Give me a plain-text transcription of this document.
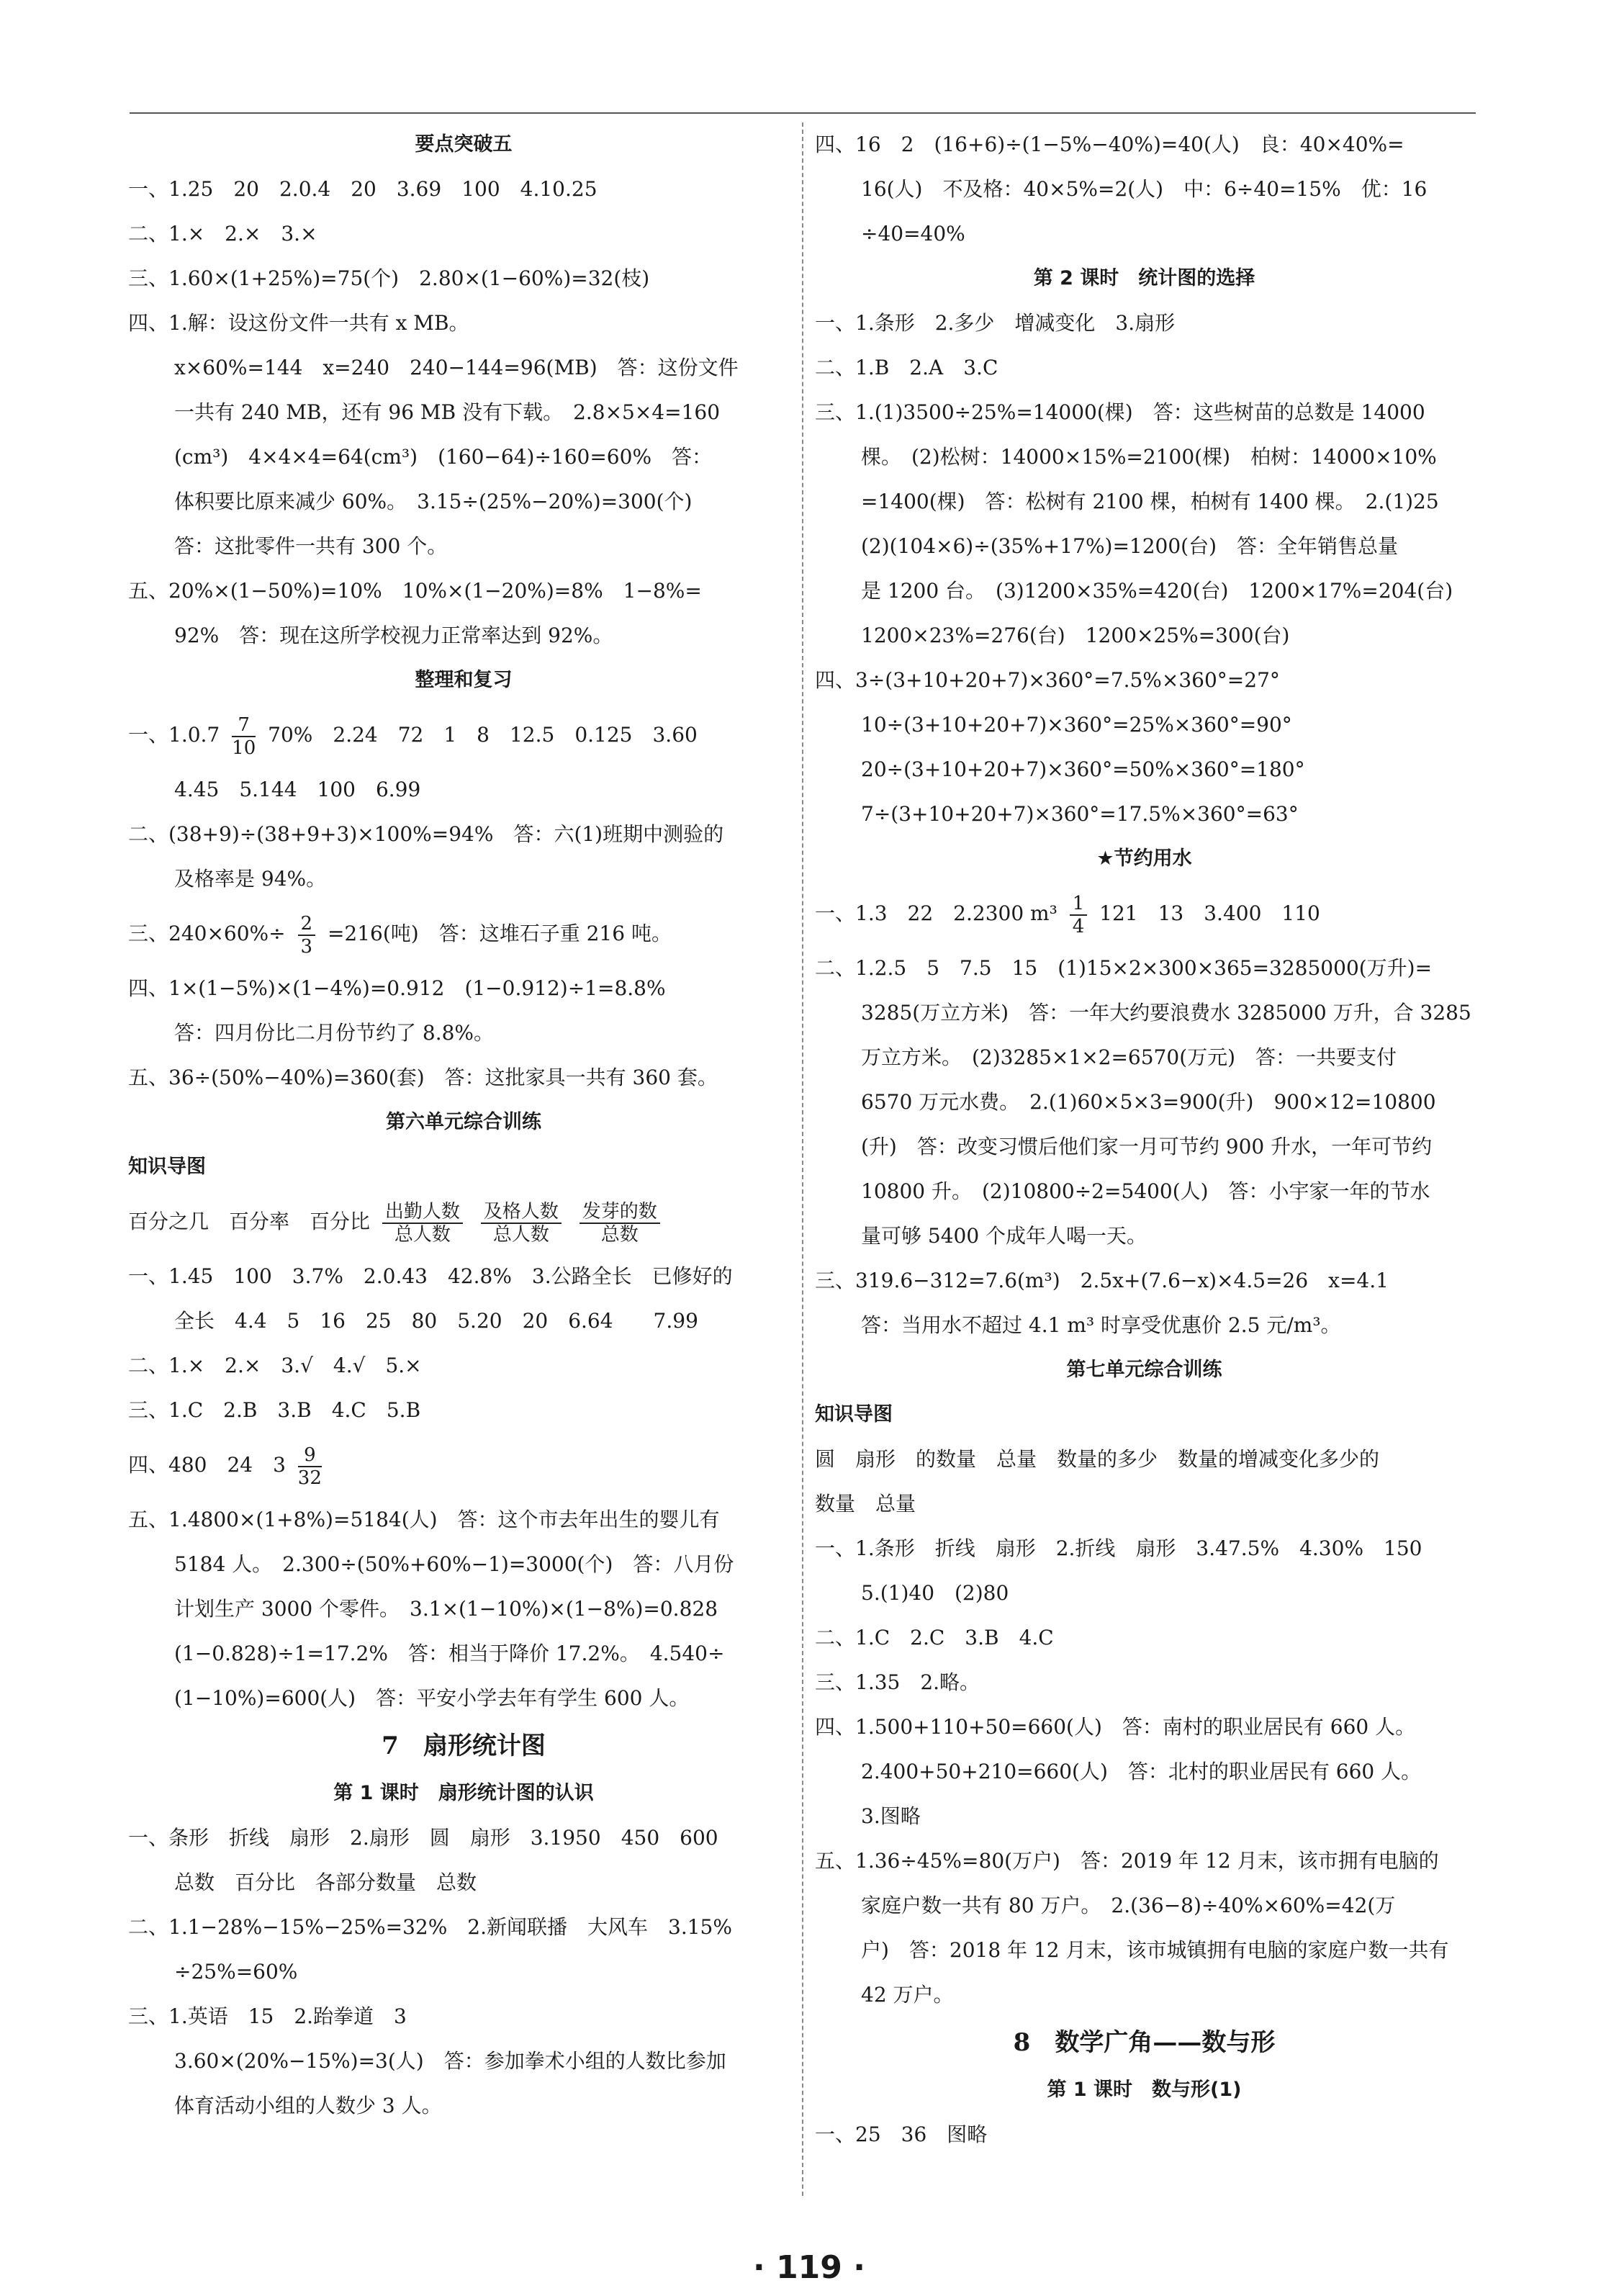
要点突破五
一、1.25　20　2.0.4　20　3.69　100　4.10.25
二、1.×　2.×　3.×
三、1.60×(1+25%)=75(个)　2.80×(1−60%)=32(枝)
四、1.解：设这份文件一共有 x MB。
x×60%=144　x=240　240−144=96(MB)　答：这份文件
一共有 240 MB，还有 96 MB 没有下载。　2.8×5×4=160
(cm³)　4×4×4=64(cm³)　(160−64)÷160=60%　答：
体积要比原来减少 60%。　3.15÷(25%−20%)=300(个)
答：这批零件一共有 300 个。
五、20%×(1−50%)=10%　10%×(1−20%)=8%　1−8%=
92%　答：现在这所学校视力正常率达到 92%。
整理和复习
一、$1.0.7 \frac{7}{10} 70\%$　2.24　72　1　8　12.5　0.125　3.60
4.45　5.144　100　6.99
二、(38+9)÷(38+9+3)×100%=94%　答：六(1)班期中测验的
及格率是 94%。
三、$240\times 60\%\div \frac{2}{3} =216$(吨)　答：这堆石子重 216 吨。
四、1×(1−5%)×(1−4%)=0.912　(1−0.912)÷1=8.8%
答：四月份比二月份节约了 8.8%。
五、36÷(50%−40%)=360(套)　答：这批家具一共有 360 套。
第六单元综合训练
知识导图
百分之几　百分率　百分比 $\frac{\text{出勤人数}}{\text{总人数}}$
$\frac{\text{及格人数}}{\text{总人数}}$
$\frac{\text{发芽的数}}{\text{总数}}$
一、1.45　100　3.7%　2.0.43　42.8%　3.公路全长　已修好的
全长　4.4　5　16　25　80　5.20　20　6.64　　7.99
二、1.×　2.×　3.√　4.√　5.×
三、1.C　2.B　3.B　4.C　5.B
四、480　24　$3 \frac{9}{32}$
五、1.4800×(1+8%)=5184(人)　答：这个市去年出生的婴儿有
5184 人。　2.300÷(50%+60%−1)=3000(个)　答：八月份
计划生产 3000 个零件。　3.1×(1−10%)×(1−8%)=0.828
(1−0.828)÷1=17.2%　答：相当于降价 17.2%。　4.540÷
(1−10%)=600(人)　答：平安小学去年有学生 600 人。
7　扇形统计图
第 1 课时　扇形统计图的认识
一、条形　折线　扇形　2.扇形　圆　扇形　3.1950　450　600
总数　百分比　各部分数量　总数
二、1.1−28%−15%−25%=32%　2.新闻联播　大风车　3.15%
÷25%=60%
三、1.英语　15　2.跆拳道　3
3.60×(20%−15%)=3(人)　答：参加拳术小组的人数比参加
体育活动小组的人数少 3 人。
四、16　2　(16+6)÷(1−5%−40%)=40(人)　良：40×40%=
16(人)　不及格：40×5%=2(人)　中：6÷40=15%　优：16
÷40=40%
第 2 课时　统计图的选择
一、1.条形　2.多少　增减变化　3.扇形
二、1.B　2.A　3.C
三、1.(1)3500÷25%=14000(棵)　答：这些树苗的总数是 14000
棵。　(2)松树：14000×15%=2100(棵)　柏树：14000×10%
=1400(棵)　答：松树有 2100 棵，柏树有 1400 棵。　2.(1)25
(2)(104×6)÷(35%+17%)=1200(台)　答：全年销售总量
是 1200 台。　(3)1200×35%=420(台)　1200×17%=204(台)
1200×23%=276(台)　1200×25%=300(台)
四、3÷(3+10+20+7)×360°=7.5%×360°=27°
10÷(3+10+20+7)×360°=25%×360°=90°
20÷(3+10+20+7)×360°=50%×360°=180°
7÷(3+10+20+7)×360°=17.5%×360°=63°
★节约用水
一、1.3　22　2.2300 $m^3 \frac{1}{4} 121$　13　3.400　110
二、1.2.5　5　7.5　15　(1)15×2×300×365=3285000(万升)=
3285(万立方米)　答：一年大约要浪费水 3285000 万升，合 3285
万立方米。　(2)3285×1×2=6570(万元)　答：一共要支付
6570 万元水费。　2.(1)60×5×3=900(升)　900×12=10800
(升)　答：改变习惯后他们家一月可节约 900 升水，一年可节约
10800 升。　(2)10800÷2=5400(人)　答：小宇家一年的节水
量可够 5400 个成年人喝一天。
三、319.6−312=7.6(m³)　2.5x+(7.6−x)×4.5=26　x=4.1
答：当用水不超过 4.1 m³ 时享受优惠价 2.5 元/m³。
第七单元综合训练
知识导图
圆　扇形　的数量　总量　数量的多少　数量的增减变化多少的
数量　总量
一、1.条形　折线　扇形　2.折线　扇形　3.47.5%　4.30%　150
5.(1)40　(2)80
二、1.C　2.C　3.B　4.C
三、1.35　2.略。
四、1.500+110+50=660(人)　答：南村的职业居民有 660 人。
2.400+50+210=660(人)　答：北村的职业居民有 660 人。
3.图略
五、1.36÷45%=80(万户)　答：2019 年 12 月末，该市拥有电脑的
家庭户数一共有 80 万户。　2.(36−8)÷40%×60%=42(万
户)　答：2018 年 12 月末，该市城镇拥有电脑的家庭户数一共有
42 万户。
8　数学广角——数与形
第 1 课时　数与形(1)
一、25　36　图略
· 119 ·
